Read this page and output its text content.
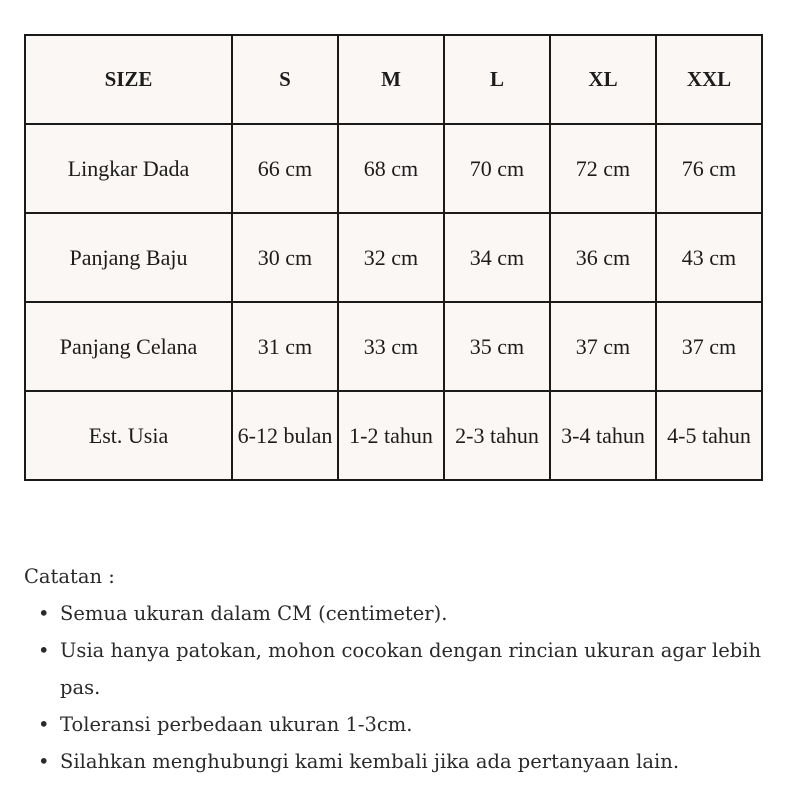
SIZE	S	M	L	XL	XXL
Lingkar Dada	66 cm	68 cm	70 cm	72 cm	76 cm
Panjang Baju	30 cm	32 cm	34 cm	36 cm	43 cm
Panjang Celana	31 cm	33 cm	35 cm	37 cm	37 cm
Est. Usia	6-12 bulan	1-2 tahun	2-3 tahun	3-4 tahun	4-5 tahun

Catatan :

• Semua ukuran dalam CM (centimeter).
• Usia hanya patokan, mohon cocokan dengan rincian ukuran agar lebih pas.
• Toleransi perbedaan ukuran 1-3cm.
• Silahkan menghubungi kami kembali jika ada pertanyaan lain.
